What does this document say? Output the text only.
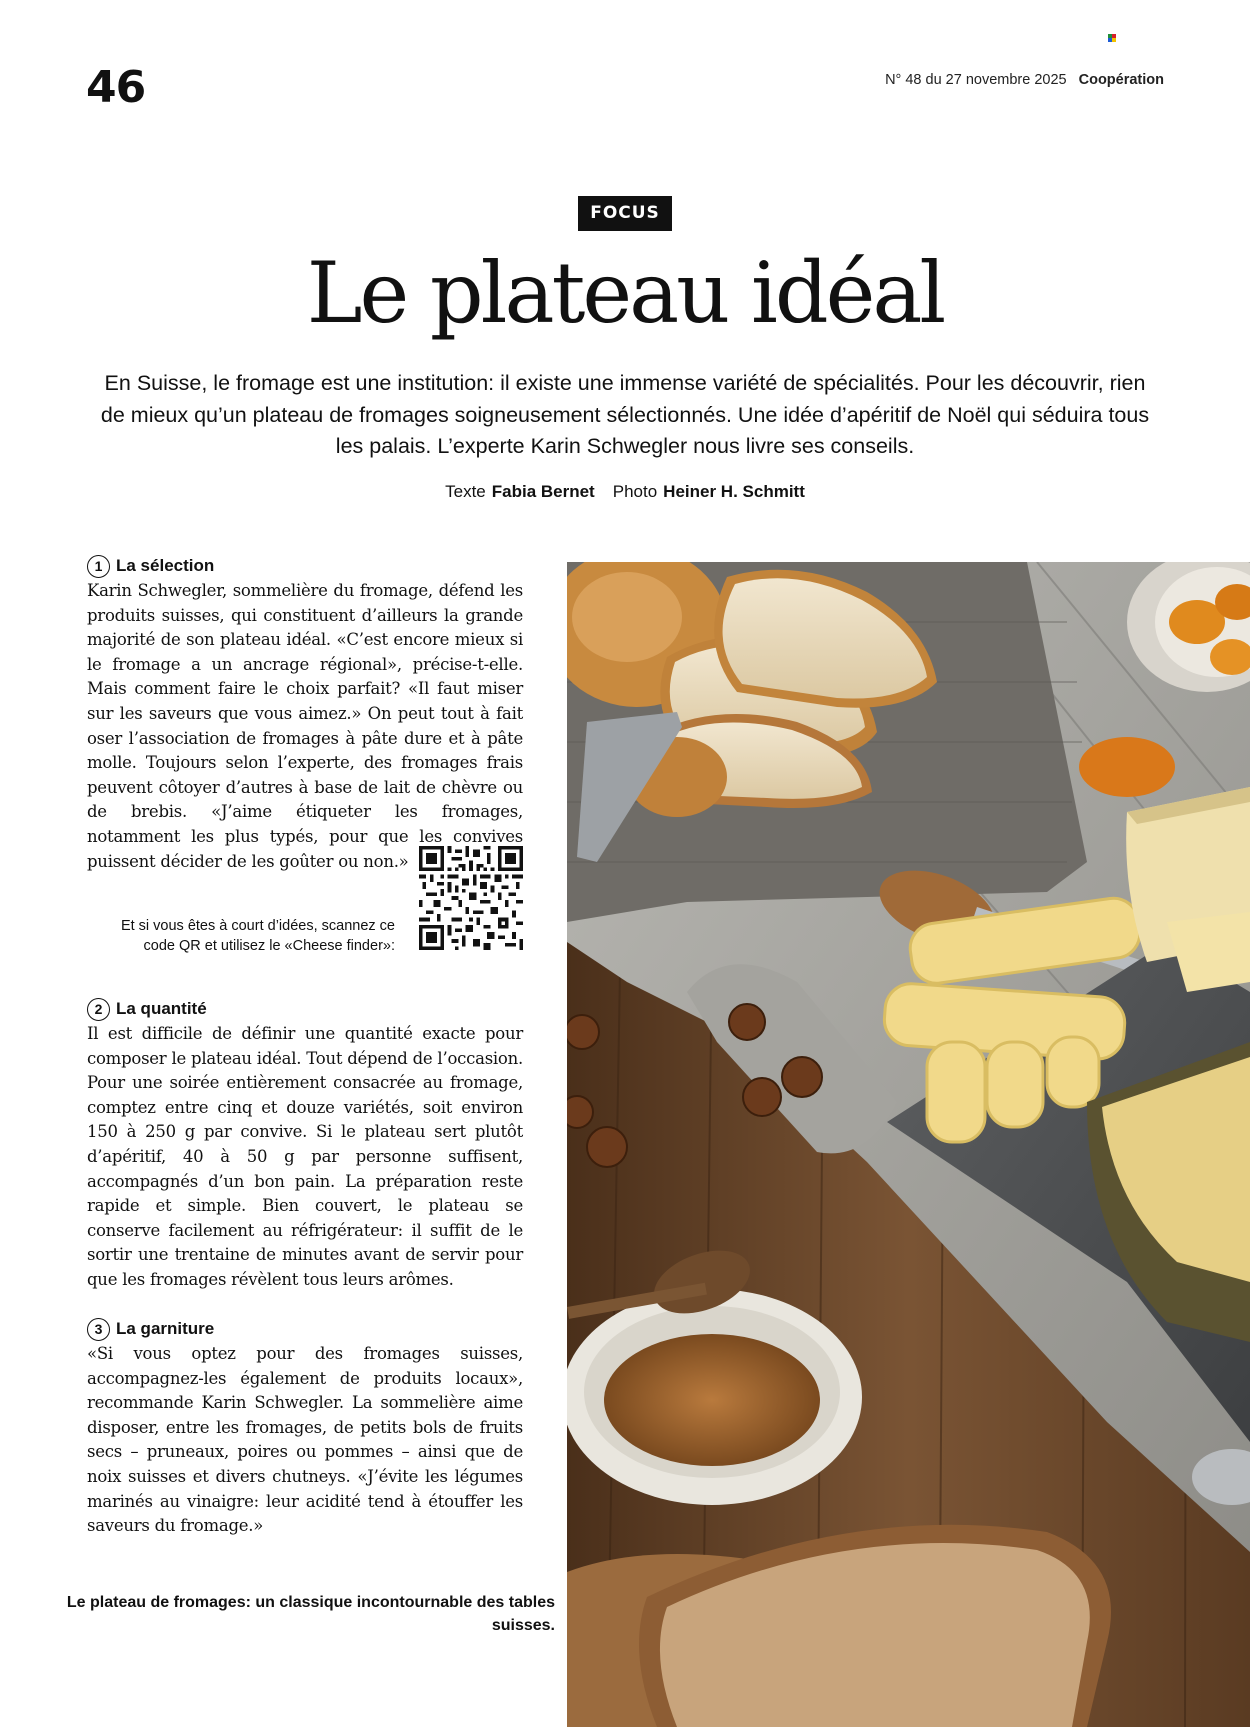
46	N° 48 du 27 novembre 2025 Coopération
FOCUS
Le plateau idéal

En Suisse, le fromage est une institution: il existe une immense variété de spécialités. Pour les découvrir, rien de mieux qu’un plateau de fromages soigneusement sélectionnés. Une idée d’apéritif de Noël qui séduira tous les palais. L’experte Karin Schwegler nous livre ses conseils.

Texte Fabia Bernet Photo Heiner H. Schmitt
1 La sélection

Karin Schwegler, sommelière du fromage, défend les produits suisses, qui constituent d’ailleurs la grande majorité de son plateau idéal. «C’est encore mieux si le fromage a un ancrage régional», précise-t-elle. Mais comment faire le choix parfait? «Il faut miser sur les saveurs que vous aimez.» On peut tout à fait oser l’association de fromages à pâte dure et à pâte molle. Toujours selon l’experte, des fromages frais peuvent côtoyer d’autres à base de lait de chèvre ou de brebis. «J’aime étiqueter les fromages, notamment les plus typés, pour que les convives puissent décider de les goûter ou non.»

Et si vous êtes à court d’idées, scannez ce code QR et utilisez le «Cheese finder»:

2 La quantité

Il est difficile de définir une quantité exacte pour composer le plateau idéal. Tout dépend de l’occasion. Pour une soirée entièrement consacrée au fromage, comptez entre cinq et douze variétés, soit environ 150 à 250 g par convive. Si le plateau sert plutôt d’apéritif, 40 à 50 g par personne suffisent, accompagnés d’un bon pain. La préparation reste rapide et simple. Bien couvert, le plateau se conserve facilement au réfrigérateur: il suffit de le sortir une trentaine de minutes avant de servir pour que les fromages révèlent tous leurs arômes.

3 La garniture

«Si vous optez pour des fromages suisses, accompagnez-les également de produits locaux», recommande Karin Schwegler. La sommelière aime disposer, entre les fromages, de petits bols de fruits secs – pruneaux, poires ou pommes – ainsi que de noix suisses et divers chutneys. «J’évite les légumes marinés au vinaigre: leur acidité tend à étouffer les saveurs du fromage.»

Le plateau de fromages: un classique incontournable des tables suisses.
